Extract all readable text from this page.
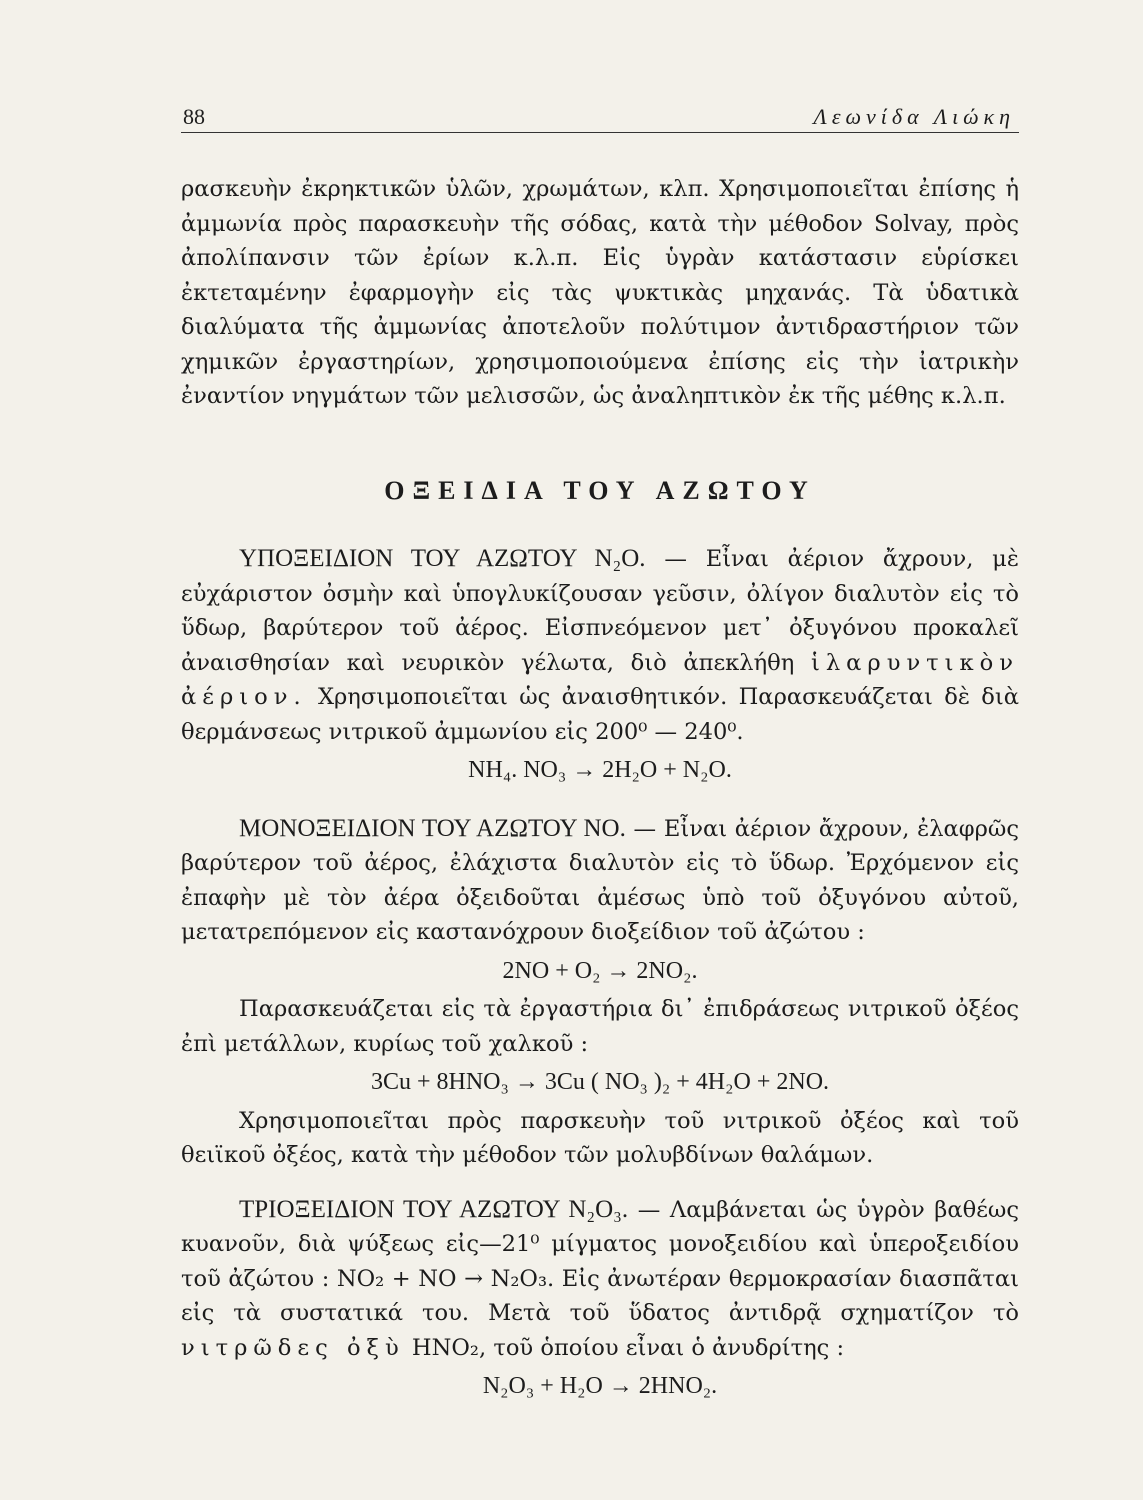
88	Λεωνίδα Λιώκη

ρασκευὴν ἐκρηκτικῶν ὑλῶν, χρωμάτων, κλπ. Χρησιμοποιεῖται ἐπίσης ἡ ἀμμωνία πρὸς παρασκευὴν τῆς σόδας, κατὰ τὴν μέθοδον Solvay, πρὸς ἀπολίπανσιν τῶν ἐρίων κ.λ.π. Εἰς ὑγρὰν κατάστασιν εὑρίσκει ἐκτεταμένην ἐφαρμογὴν εἰς τὰς ψυκτικὰς μηχανάς. Τὰ ὑδατικὰ διαλύματα τῆς ἀμμωνίας ἀποτελοῦν πολύτιμον ἀντιδραστήριον τῶν χημικῶν ἐργαστηρίων, χρησιμοποιούμενα ἐπίσης εἰς τὴν ἰατρικὴν ἐναντίον νηγμάτων τῶν μελισσῶν, ὡς ἀναληπτικὸν ἐκ τῆς μέθης κ.λ.π.

ΟΞΕΙΔΙΑ ΤΟΥ ΑΖΩΤΟΥ

ΥΠΟΞΕΙΔΙΟΝ ΤΟΥ ΑΖΩΤΟΥ N₂O. — Εἶναι ἀέριον ἄχρουν, μὲ εὐχάριστον ὀσμὴν καὶ ὑπογλυκίζουσαν γεῦσιν, ὀλίγον διαλυτὸν εἰς τὸ ὕδωρ, βαρύτερον τοῦ ἀέρος. Εἰσπνεόμενον μετ᾿ ὀξυγόνου προκαλεῖ ἀναισθησίαν καὶ νευρικὸν γέλωτα, διὸ ἀπεκλήθη ἱλαρυντικὸν ἀέριον. Χρησιμοποιεῖται ὡς ἀναισθητικόν. Παρασκευάζεται δὲ διὰ θερμάνσεως νιτρικοῦ ἀμμωνίου εἰς 200⁰ — 240⁰.

NH₄. NO₃ → 2H₂O + N₂O.

ΜΟΝΟΞΕΙΔΙΟΝ ΤΟΥ ΑΖΩΤΟΥ NO. — Εἶναι ἀέριον ἄχρουν, ἐλαφρῶς βαρύτερον τοῦ ἀέρος, ἐλάχιστα διαλυτὸν εἰς τὸ ὕδωρ. Ἐρχόμενον εἰς ἐπαφὴν μὲ τὸν ἀέρα ὀξειδοῦται ἀμέσως ὑπὸ τοῦ ὀξυγόνου αὐτοῦ, μετατρεπόμενον εἰς καστανόχρουν διοξείδιον τοῦ ἀζώτου :

2NO + O₂ → 2NO₂.

Παρασκευάζεται εἰς τὰ ἐργαστήρια δι᾿ ἐπιδράσεως νιτρικοῦ ὀξέος ἐπὶ μετάλλων, κυρίως τοῦ χαλκοῦ :

3Cu + 8HNO₃ → 3Cu ( NO₃ )₂ + 4H₂O + 2NO.

Χρησιμοποιεῖται πρὸς παρσκευὴν τοῦ νιτρικοῦ ὀξέος καὶ τοῦ θειϊκοῦ ὀξέος, κατὰ τὴν μέθοδον τῶν μολυβδίνων θαλάμων.

ΤΡΙΟΞΕΙΔΙΟΝ ΤΟΥ ΑΖΩΤΟΥ N₂O₃. — Λαμβάνεται ὡς ὑγρὸν βαθέως κυανοῦν, διὰ ψύξεως εἰς—21⁰ μίγματος μονοξειδίου καὶ ὑπεροξειδίου τοῦ ἀζώτου : NO₂ + NO → N₂O₃. Εἰς ἀνωτέραν θερμοκρασίαν διασπᾶται εἰς τὰ συστατικά του. Μετὰ τοῦ ὕδατος ἀντιδρᾷ σχηματίζον τὸ νιτρῶδες ὀξὺ HNO₂, τοῦ ὁποίου εἶναι ὁ ἀνυδρίτης :

N₂O₃ + H₂O → 2HNO₂.
